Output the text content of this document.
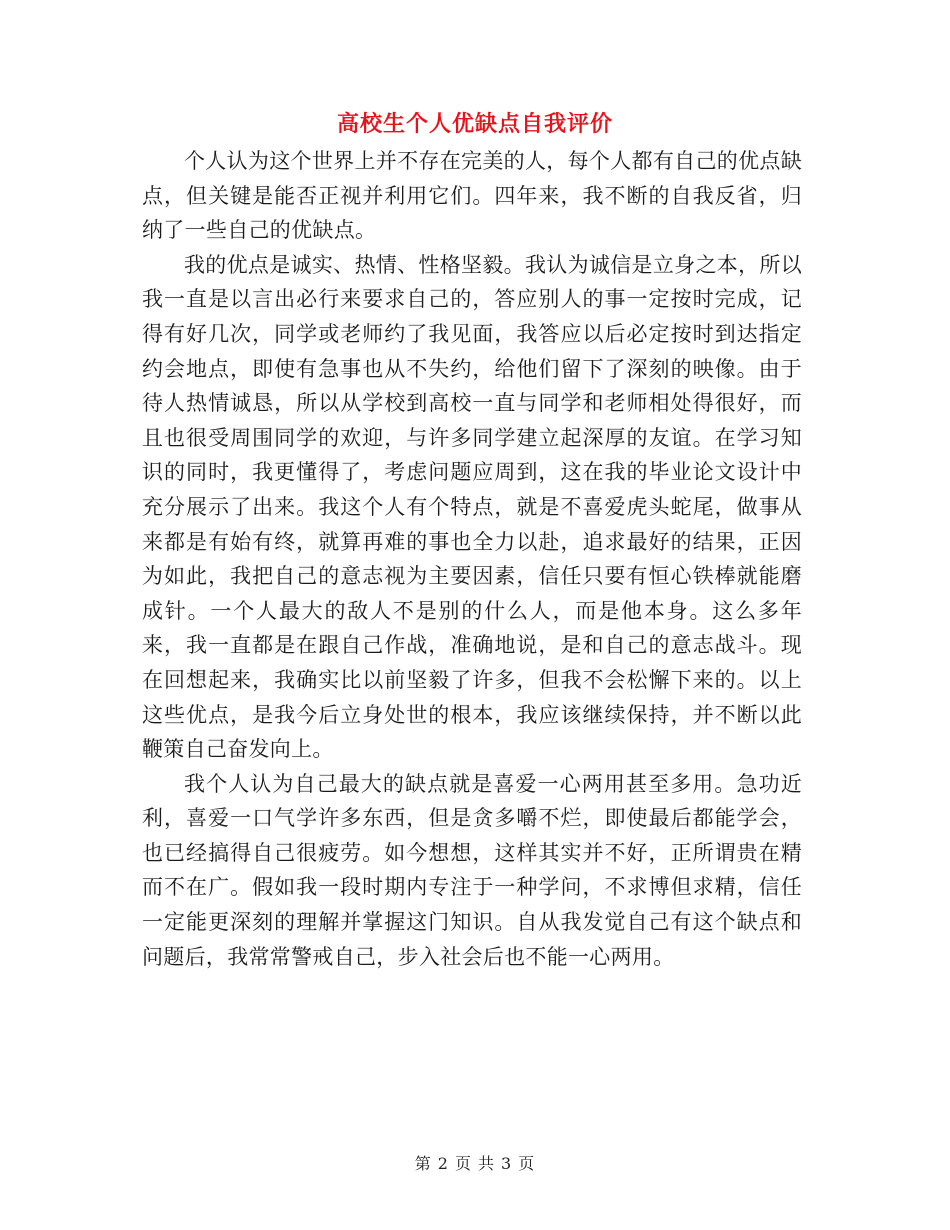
高校生个人优缺点自我评价

个人认为这个世界上并不存在完美的人，每个人都有自己的优点缺点，但关键是能否正视并利用它们。四年来，我不断的自我反省，归纳了一些自己的优缺点。

我的优点是诚实、热情、性格坚毅。我认为诚信是立身之本，所以我一直是以言出必行来要求自己的，答应别人的事一定按时完成，记得有好几次，同学或老师约了我见面，我答应以后必定按时到达指定约会地点，即使有急事也从不失约，给他们留下了深刻的映像。由于待人热情诚恳，所以从学校到高校一直与同学和老师相处得很好，而且也很受周围同学的欢迎，与许多同学建立起深厚的友谊。在学习知识的同时，我更懂得了，考虑问题应周到，这在我的毕业论文设计中充分展示了出来。我这个人有个特点，就是不喜爱虎头蛇尾，做事从来都是有始有终，就算再难的事也全力以赴，追求最好的结果，正因为如此，我把自己的意志视为主要因素，信任只要有恒心铁棒就能磨成针。一个人最大的敌人不是别的什么人，而是他本身。这么多年来，我一直都是在跟自己作战，准确地说，是和自己的意志战斗。现在回想起来，我确实比以前坚毅了许多，但我不会松懈下来的。以上这些优点，是我今后立身处世的根本，我应该继续保持，并不断以此鞭策自己奋发向上。

我个人认为自己最大的缺点就是喜爱一心两用甚至多用。急功近利，喜爱一口气学许多东西，但是贪多嚼不烂，即使最后都能学会，也已经搞得自己很疲劳。如今想想，这样其实并不好，正所谓贵在精而不在广。假如我一段时期内专注于一种学问，不求博但求精，信任一定能更深刻的理解并掌握这门知识。自从我发觉自己有这个缺点和问题后，我常常警戒自己，步入社会后也不能一心两用。

第 2 页 共 3 页
